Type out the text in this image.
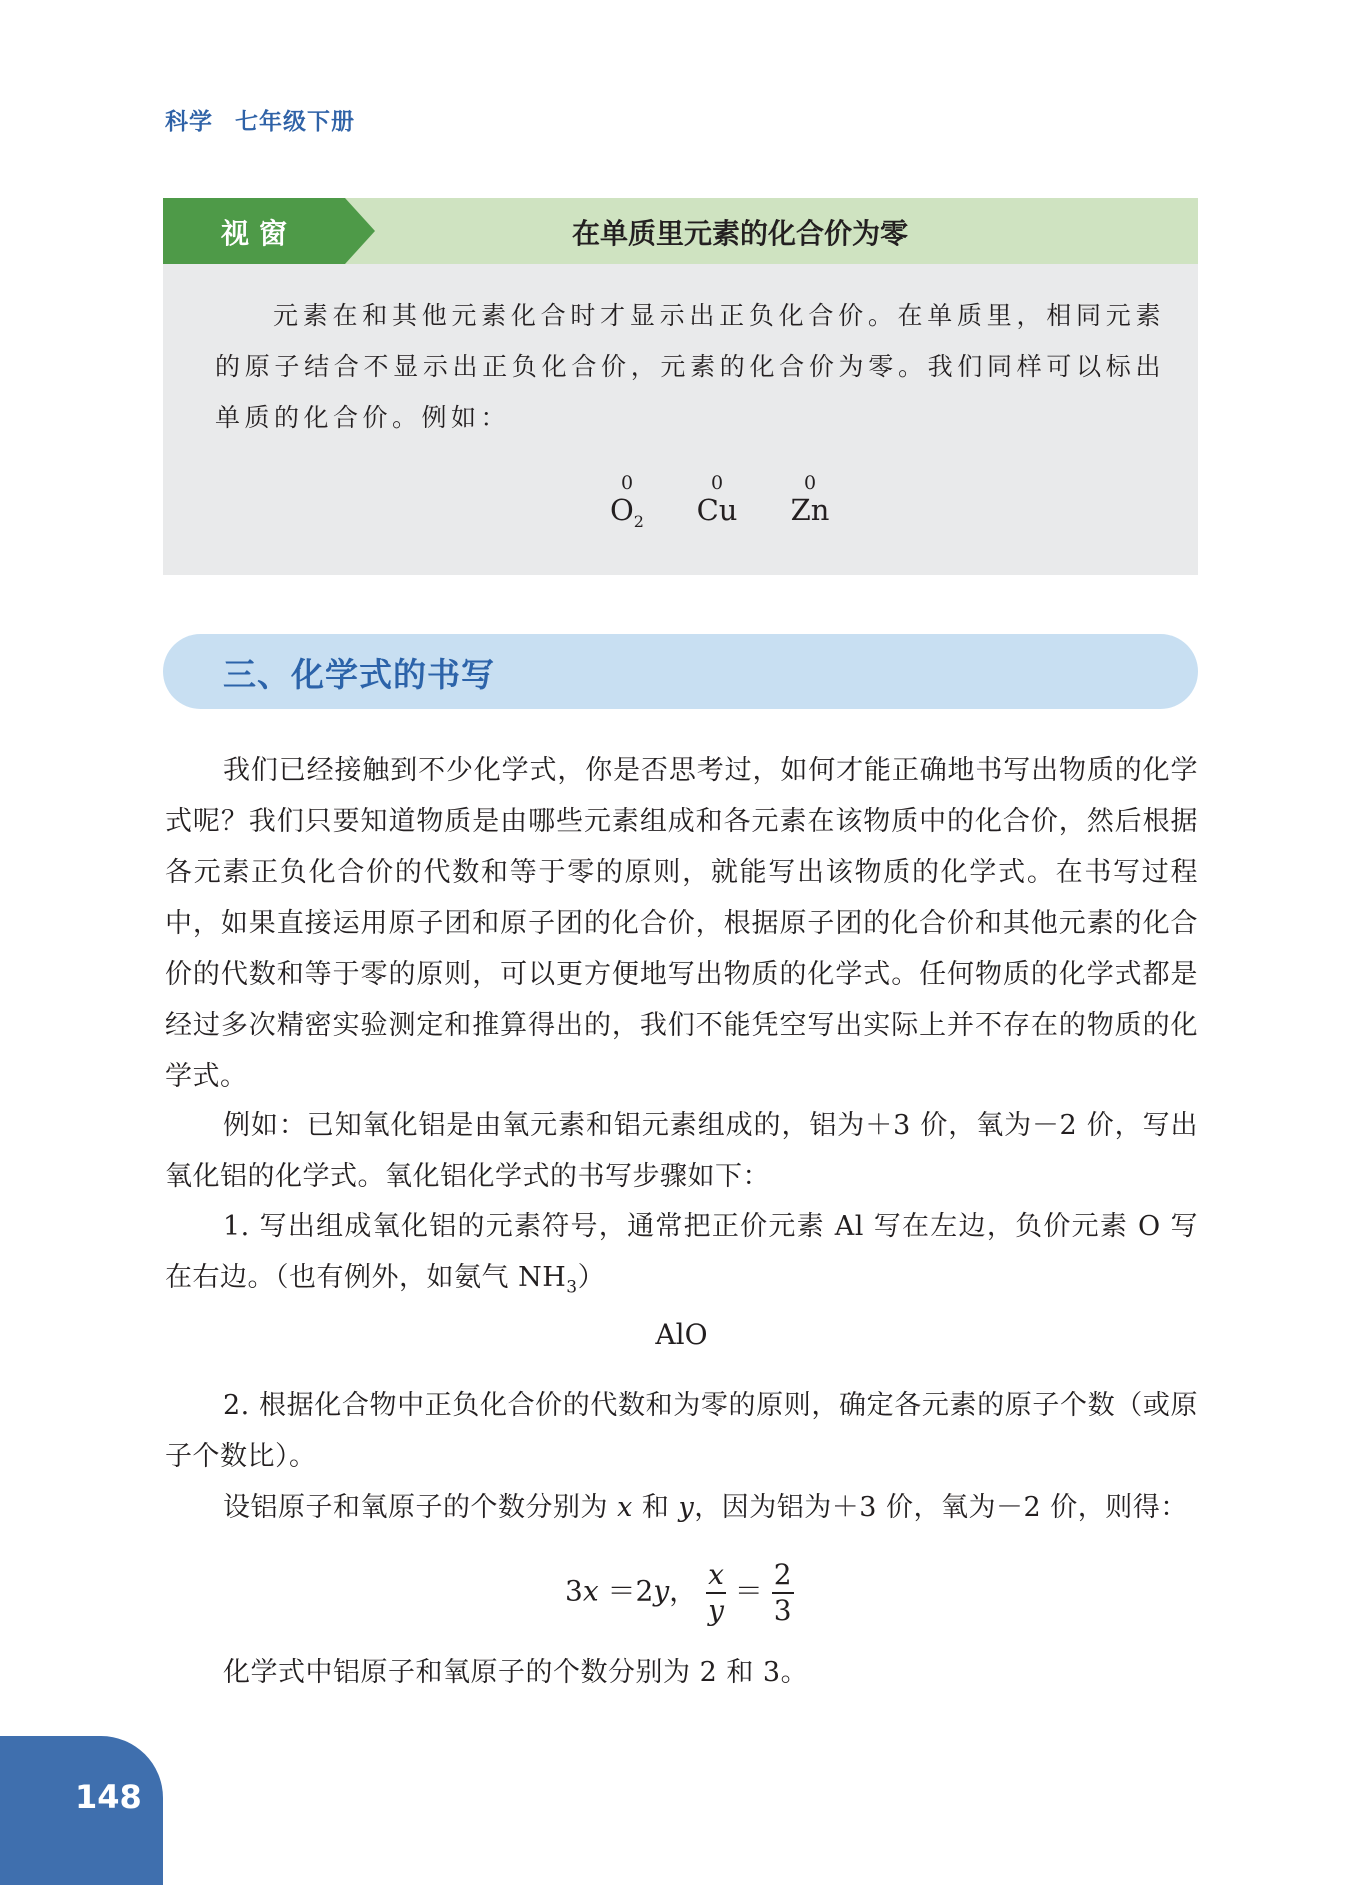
科学 七年级下册
视窗	在单质里元素的化合价为零
元素在和其他元素化合时才显示出正负化合价。在单质里，相同元素的原子结合不显示出正负化合价，元素的化合价为零。我们同样可以标出单质的化合价。例如：
0
$O_2$
0
Cu
0
Zn
三、化学式的书写
我们已经接触到不少化学式，你是否思考过，如何才能正确地书写出物质的化学式呢？我们只要知道物质是由哪些元素组成和各元素在该物质中的化合价，然后根据各元素正负化合价的代数和等于零的原则，就能写出该物质的化学式。在书写过程中，如果直接运用原子团和原子团的化合价，根据原子团的化合价和其他元素的化合价的代数和等于零的原则，可以更方便地写出物质的化学式。任何物质的化学式都是经过多次精密实验测定和推算得出的，我们不能凭空写出实际上并不存在的物质的化学式。
例如：已知氧化铝是由氧元素和铝元素组成的，铝为＋3 价，氧为－2 价，写出氧化铝的化学式。氧化铝化学式的书写步骤如下：
1. 写出组成氧化铝的元素符号，通常把正价元素 Al 写在左边，负价元素 O 写在右边。（也有例外，如氨气 $NH_3$）
AlO
2. 根据化合物中正负化合价的代数和为零的原则，确定各元素的原子个数（或原子个数比）。
设铝原子和氧原子的个数分别为 x 和 y，因为铝为＋3 价，氧为－2 价，则得：
3x ＝2y， $\frac{x}{y} = \frac{2}{3}$
化学式中铝原子和氧原子的个数分别为 2 和 3。
148
